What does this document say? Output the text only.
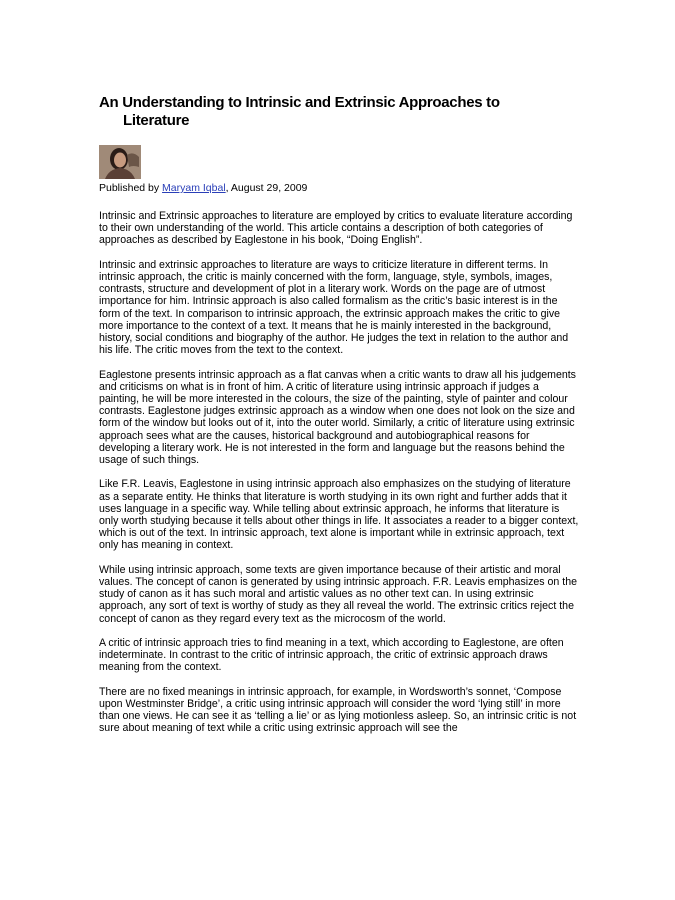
An Understanding to Intrinsic and Extrinsic Approaches to
Literature
Published by Maryam Iqbal, August 29, 2009

Intrinsic and Extrinsic approaches to literature are employed by critics to evaluate literature according to their own understanding of the world. This article contains a description of both categories of approaches as described by Eaglestone in his book, “Doing English”.

Intrinsic and extrinsic approaches to literature are ways to criticize literature in different terms. In intrinsic approach, the critic is mainly concerned with the form, language, style, symbols, images, contrasts, structure and development of plot in a literary work. Words on the page are of utmost importance for him. Intrinsic approach is also called formalism as the critic’s basic interest is in the form of the text. In comparison to intrinsic approach, the extrinsic approach makes the critic to give more importance to the context of a text. It means that he is mainly interested in the background, history, social conditions and biography of the author. He judges the text in relation to the author and his life. The critic moves from the text to the context.

Eaglestone presents intrinsic approach as a flat canvas when a critic wants to draw all his judgements and criticisms on what is in front of him. A critic of literature using intrinsic approach if judges a painting, he will be more interested in the colours, the size of the painting, style of painter and colour contrasts. Eaglestone judges extrinsic approach as a window when one does not look on the size and form of the window but looks out of it, into the outer world. Similarly, a critic of literature using extrinsic approach sees what are the causes, historical background and autobiographical reasons for developing a literary work. He is not interested in the form and language but the reasons behind the usage of such things.

Like F.R. Leavis, Eaglestone in using intrinsic approach also emphasizes on the studying of literature as a separate entity. He thinks that literature is worth studying in its own right and further adds that it uses language in a specific way. While telling about extrinsic approach, he informs that literature is only worth studying because it tells about other things in life. It associates a reader to a bigger context, which is out of the text. In intrinsic approach, text alone is important while in extrinsic approach, text only has meaning in context.

While using intrinsic approach, some texts are given importance because of their artistic and moral values. The concept of canon is generated by using intrinsic approach. F.R. Leavis emphasizes on the study of canon as it has such moral and artistic values as no other text can. In using extrinsic approach, any sort of text is worthy of study as they all reveal the world. The extrinsic critics reject the concept of canon as they regard every text as the microcosm of the world.

A critic of intrinsic approach tries to find meaning in a text, which according to Eaglestone, are often indeterminate. In contrast to the critic of intrinsic approach, the critic of extrinsic approach draws meaning from the context.

There are no fixed meanings in intrinsic approach, for example, in Wordsworth’s sonnet, ‘Compose upon Westminster Bridge’, a critic using intrinsic approach will consider the word ‘lying still’ in more than one views. He can see it as ‘telling a lie’ or as lying motionless asleep. So, an intrinsic critic is not sure about meaning of text while a critic using extrinsic approach will see the
